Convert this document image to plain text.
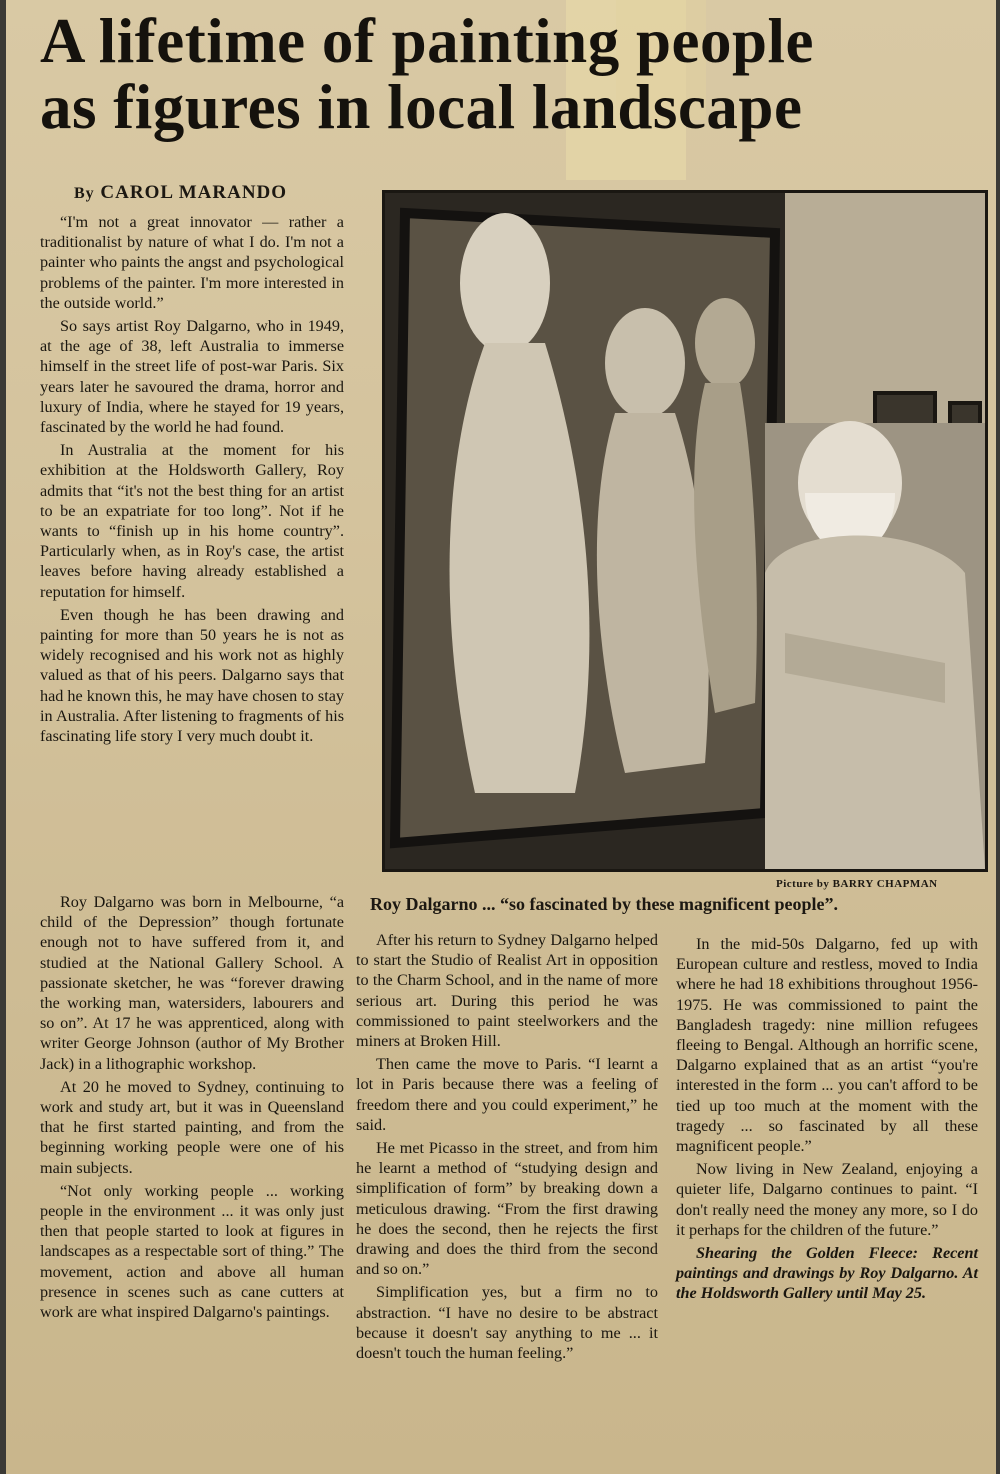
A lifetime of painting people
as figures in local landscape
By CAROL MARANDO

“I'm not a great innovator — rather a traditionalist by nature of what I do. I'm not a painter who paints the angst and psychological problems of the painter. I'm more interested in the outside world.”

So says artist Roy Dalgarno, who in 1949, at the age of 38, left Australia to immerse himself in the street life of post-war Paris. Six years later he savoured the drama, horror and luxury of India, where he stayed for 19 years, fascinated by the world he had found.

In Australia at the moment for his exhibition at the Holdsworth Gallery, Roy admits that “it's not the best thing for an artist to be an expatriate for too long”. Not if he wants to “finish up in his home country”. Particularly when, as in Roy's case, the artist leaves before having already established a reputation for himself.

Even though he has been drawing and painting for more than 50 years he is not as widely recognised and his work not as highly valued as that of his peers. Dalgarno says that had he known this, he may have chosen to stay in Australia. After listening to fragments of his fascinating life story I very much doubt it.

Picture by BARRY CHAPMAN
Roy Dalgarno ... “so fascinated by these magnificent people”.

Roy Dalgarno was born in Melbourne, “a child of the Depression” though fortunate enough not to have suffered from it, and studied at the National Gallery School. A passionate sketcher, he was “forever drawing the working man, watersiders, labourers and so on”. At 17 he was apprenticed, along with writer George Johnson (author of My Brother Jack) in a lithographic workshop.

At 20 he moved to Sydney, continuing to work and study art, but it was in Queensland that he first started painting, and from the beginning working people were one of his main subjects.

“Not only working people ... working people in the environment ... it was only just then that people started to look at figures in landscapes as a respectable sort of thing.” The movement, action and above all human presence in scenes such as cane cutters at work are what inspired Dalgarno's paintings.

After his return to Sydney Dalgarno helped to start the Studio of Realist Art in opposition to the Charm School, and in the name of more serious art. During this period he was commissioned to paint steelworkers and the miners at Broken Hill.

Then came the move to Paris. “I learnt a lot in Paris because there was a feeling of freedom there and you could experiment,” he said.

He met Picasso in the street, and from him he learnt a method of “studying design and simplification of form” by breaking down a meticulous drawing. “From the first drawing he does the second, then he rejects the first drawing and does the third from the second and so on.”

Simplification yes, but a firm no to abstraction. “I have no desire to be abstract because it doesn't say anything to me ... it doesn't touch the human feeling.”

In the mid-50s Dalgarno, fed up with European culture and restless, moved to India where he had 18 exhibitions throughout 1956-1975. He was commissioned to paint the Bangladesh tragedy: nine million refugees fleeing to Bengal. Although an horrific scene, Dalgarno explained that as an artist “you're interested in the form ... you can't afford to be tied up too much at the moment with the tragedy ... so fascinated by all these magnificent people.”

Now living in New Zealand, enjoying a quieter life, Dalgarno continues to paint. “I don't really need the money any more, so I do it perhaps for the children of the future.”

Shearing the Golden Fleece: Recent paintings and drawings by Roy Dalgarno. At the Holdsworth Gallery until May 25.
